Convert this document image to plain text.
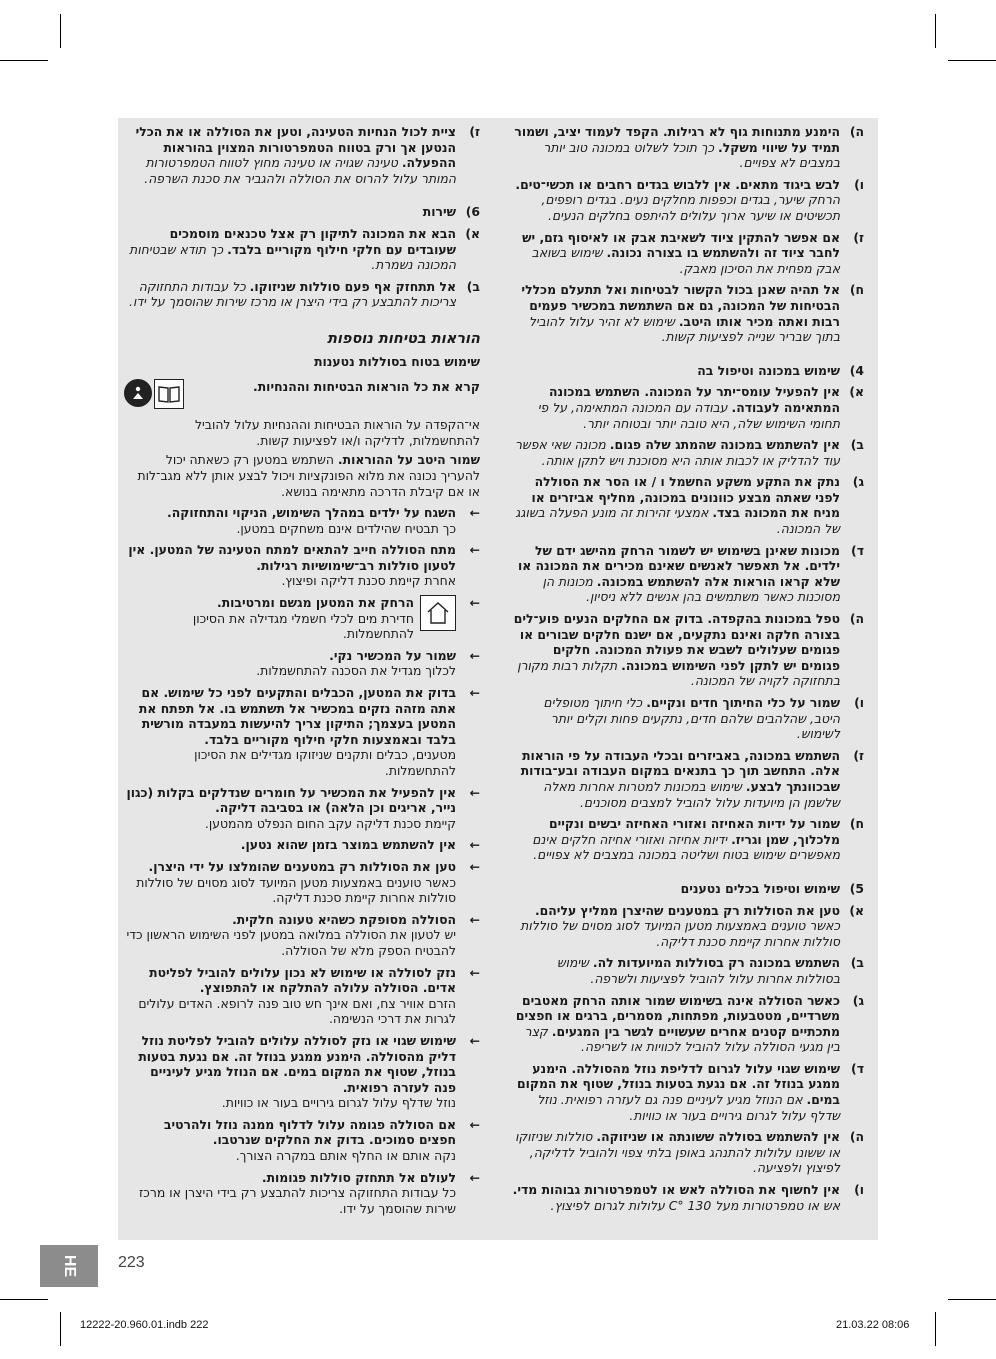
ה)
הימנע מתנוחות גוף לא רגילות. הקפד לעמוד יציב, ושמור תמיד על שיווי משקל. כך תוכל לשלוט במכונה טוב יותר במצבים לא צפויים.
ו)
לבש ביגוד מתאים. אין ללבוש בגדים רחבים או תכשי־טים. הרחק שיער, בגדים וכפפות מחלקים נעים. בגדים רופפים, תכשיטים או שיער ארוך עלולים להיתפס בחלקים הנעים.
ז)
אם אפשר להתקין ציוד לשאיבת אבק או לאיסוף גזם, יש לחבר ציוד זה ולהשתמש בו בצורה נכונה. שימוש בשואב אבק מפחית את הסיכון מאבק.
ח)
אל תהיה שאנן בכול הקשור לבטיחות ואל תתעלם מכללי הבטיחות של המכונה, גם אם השתמשת במכשיר פעמים רבות ואתה מכיר אותו היטב. שימוש לא זהיר עלול להוביל בתוך שבריר שנייה לפציעות קשות.
4)שימוש במכונה וטיפול בה
א)
אין להפעיל עומס־יתר על המכונה. השתמש במכונה המתאימה לעבודה. עבודה עם המכונה המתאימה, על פי תחומי השימוש שלה, היא טובה יותר ובטוחה יותר.
ב)
אין להשתמש במכונה שהמתג שלה פגום. מכונה שאי אפשר עוד להדליק או לכבות אותה היא מסוכנת ויש לתקן אותה.
ג)
נתק את התקע משקע החשמל ו / או הסר את הסוללה לפני שאתה מבצע כוונונים במכונה, מחליף אביזרים או מניח את המכונה בצד. אמצעי זהירות זה מונע הפעלה בשוגג של המכונה.
ד)
מכונות שאינן בשימוש יש לשמור הרחק מהישג ידם של ילדים. אל תאפשר לאנשים שאינם מכירים את המכונה או שלא קראו הוראות אלה להשתמש במכונה. מכונות הן מסוכנות כאשר משתמשים בהן אנשים ללא ניסיון.
ה)
טפל במכונות בהקפדה. בדוק אם החלקים הנעים פוע־לים בצורה חלקה ואינם נתקעים, אם ישנם חלקים שבורים או פגומים שעלולים לשבש את פעולת המכונה. חלקים פגומים יש לתקן לפני השימוש במכונה. תקלות רבות מקורן בתחזוקה לקויה של המכונה.
ו)
שמור על כלי החיתוך חדים ונקיים. כלי חיתוך מטופלים היטב, שהלהבים שלהם חדים, נתקעים פחות וקלים יותר לשימוש.
ז)
השתמש במכונה, באביזרים ובכלי העבודה על פי הוראות אלה. התחשב תוך כך בתנאים במקום העבודה ובע־בודות שבכוונתך לבצע. שימוש במכונות למטרות אחרות מאלה שלשמן הן מיועדות עלול להוביל למצבים מסוכנים.
ח)
שמור על ידיות האחיזה ואזורי האחיזה יבשים ונקיים מלכלוך, שמן וגריז. ידיות אחיזה ואזורי אחיזה חלקים אינם מאפשרים שימוש בטוח ושליטה במכונה במצבים לא צפויים.
5)שימוש וטיפול בכלים נטענים
א)
טען את הסוללות רק במטענים שהיצרן ממליץ עליהם. כאשר טוענים באמצעות מטען המיועד לסוג מסוים של סוללות סוללות אחרות קיימת סכנת דליקה.
ב)
השתמש במכונה רק בסוללות המיועדות לה. שימוש בסוללות אחרות עלול להוביל לפציעות ולשרפה.
ג)
כאשר הסוללה אינה בשימוש שמור אותה הרחק מאטבים משרדיים, מטטבעות, מפתחות, מסמרים, ברגים או חפצים מתכתיים קטנים אחרים שעשויים לגשר בין המגעים. קצר בין מגעי הסוללה עלול להוביל לכוויות או לשריפה.
ד)
שימוש שגוי עלול לגרום לדליפת נוזל מהסוללה. הימנע ממגע בנוזל זה. אם נגעת בטעות בנוזל, שטוף את המקום במים. אם הנוזל מגיע לעיניים פנה גם לעזרה רפואית. נוזל שדלף עלול לגרום גירויים בעור או כוויות.
ה)
אין להשתמש בסוללה ששונתה או שניזוקה. סוללות שניזוקו או ששונו עלולות להתנהג באופן בלתי צפוי ולהוביל לדליקה, לפיצוץ ולפציעה.
ו)
אין לחשוף את הסוללה לאש או לטמפרטורות גבוהות מדי. אש או טמפרטורות מעל 130 °C עלולות לגרום לפיצוץ.
ז)
ציית לכול הנחיות הטעינה, וטען את הסוללה או את הכלי הנטען אך ורק בטווח הטמפרטורות המצוין בהוראות ההפעלה. טעינה שגויה או טעינה מחוץ לטווח הטמפרטורות המותר עלול להרוס את הסוללה ולהגביר את סכנת השרפה.
6)שירות
א)
הבא את המכונה לתיקון רק אצל טכנאים מוסמכים שעובדים עם חלקי חילוף מקוריים בלבד. כך תודא שבטיחות המכונה נשמרת.
ב)
אל תתחזק אף פעם סוללות שניזוקו. כל עבודות התחזוקה צריכות להתבצע רק בידי היצרן או מרכז שירות שהוסמך על ידו.
הוראות בטיחות נוספות
שימוש בטוח בסוללות נטענות
קרא את כל הוראות הבטיחות וההנחיות.
אי־הקפדה על הוראות הבטיחות וההנחיות עלול להוביל להתחשמלות, לדליקה ו/או לפציעות קשות.
שמור היטב על ההוראות. השתמש במטען רק כשאתה יכול להעריך נכונה את מלוא הפונקציות ויכול לבצע אותן ללא מגב־לות או אם קיבלת הדרכה מתאימה בנושא.
←
השגח על ילדים במהלך השימוש, הניקוי והתחזוקה.
כך תבטיח שהילדים אינם משחקים במטען.
←
מתח הסוללה חייב להתאים למתח הטעינה של המטען. אין לטעון סוללות רב־שימושיות רגילות.
אחרת קיימת סכנת דליקה ופיצוץ.
←
הרחק את המטען מגשם ומרטיבות.
חדירת מים לכלי חשמלי מגדילה את הסיכון להתחשמלות.
←
שמור על המכשיר נקי.
לכלוך מגדיל את הסכנה להתחשמלות.
←
בדוק את המטען, הכבלים והתקעים לפני כל שימוש. אם אתה מזהה נזקים במכשיר אל תשתמש בו. אל תפתח את המטען בעצמך; התיקון צריך להיעשות במעבדה מורשית בלבד ובאמצעות חלקי חילוף מקוריים בלבד.
מטענים, כבלים ותקנים שניזוקו מגדילים את הסיכון להתחשמלות.
←
אין להפעיל את המכשיר על חומרים שנדלקים בקלות (כגון נייר, אריגים וכן הלאה) או בסביבה דליקה.
קיימת סכנת דליקה עקב החום הנפלט מהמטען.
←
אין להשתמש במוצר בזמן שהוא נטען.
←
טען את הסוללות רק במטענים שהומלצו על ידי היצרן.
כאשר טוענים באמצעות מטען המיועד לסוג מסוים של סוללות סוללות אחרות קיימת סכנת דליקה.
←
הסוללה מסופקת כשהיא טעונה חלקית.
יש לטעון את הסוללה במלואה במטען לפני השימוש הראשון כדי להבטיח הספק מלא של הסוללה.
←
נזק לסוללה או שימוש לא נכון עלולים להוביל לפליטת אדים. הסוללה עלולה להתלקח או להתפוצץ.
הזרם אוויר צח, ואם אינך חש טוב פנה לרופא. האדים עלולים לגרות את דרכי הנשימה.
←
שימוש שגוי או נזק לסוללה עלולים להוביל לפליטת נוזל דליק מהסוללה. הימנע ממגע בנוזל זה. אם נגעת בטעות בנוזל, שטוף את המקום במים. אם הנוזל מגיע לעיניים פנה לעזרה רפואית.
נוזל שדלף עלול לגרום גירויים בעור או כוויות.
←
אם הסוללה פגומה עלול לדלוף ממנה נוזל ולהרטיב חפצים סמוכים. בדוק את החלקים שנרטבו.
נקה אותם או החלף אותם במקרה הצורך.
←
לעולם אל תתחזק סוללות פגומות.
כל עבודות התחזוקה צריכות להתבצע רק בידי היצרן או מרכז שירות שהוסמך על ידו.
HE	223
12222-20.960.01.indb 222	21.03.22 08:06
